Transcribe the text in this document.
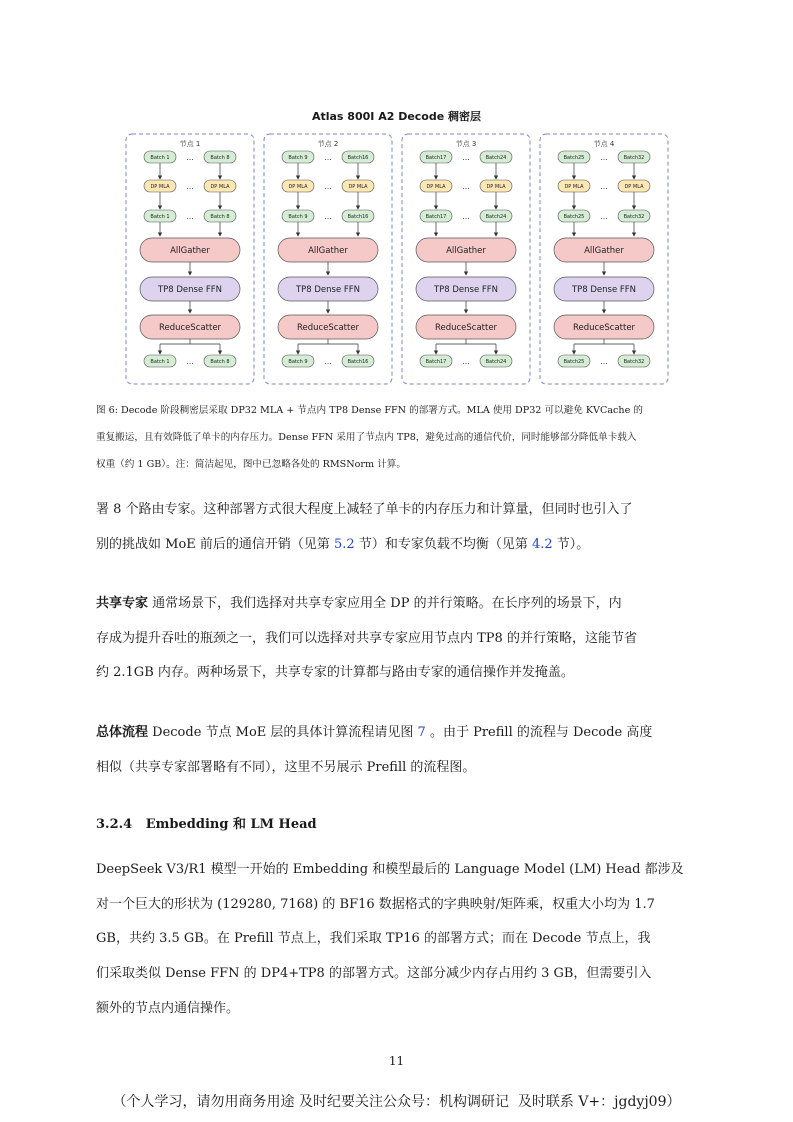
Atlas 800I A2 Decode 稠密层
节点 1
Batch 1	Batch 8
...
DP MLA	DP MLA
...
Batch 1	Batch 8
...
AllGather
TP8 Dense FFN
ReduceScatter
Batch 1	Batch 8
...
节点 2
Batch 9	Batch16
...
DP MLA	DP MLA
...
Batch 9	Batch16
...
AllGather
TP8 Dense FFN
ReduceScatter
Batch 9	Batch16
...
节点 3
Batch17	Batch24
...
DP MLA	DP MLA
...
Batch17	Batch24
...
AllGather
TP8 Dense FFN
ReduceScatter
Batch17	Batch24
...
节点 4
Batch25	Batch32
...
DP MLA	DP MLA
...
Batch25	Batch32
...
AllGather
TP8 Dense FFN
ReduceScatter
Batch25	Batch32
...
图 6: Decode 阶段稠密层采取 DP32 MLA + 节点内 TP8 Dense FFN 的部署方式。MLA 使用 DP32 可以避免 KVCache 的
重复搬运，且有效降低了单卡的内存压力。Dense FFN 采用了节点内 TP8，避免过高的通信代价，同时能够部分降低单卡载入
权重（约 1 GB）。注：简洁起见，图中已忽略各处的 RMSNorm 计算。
署 8 个路由专家。这种部署方式很大程度上减轻了单卡的内存压力和计算量，但同时也引入了
别的挑战如 MoE 前后的通信开销（见第 5.2 节）和专家负载不均衡（见第 4.2 节）。
共享专家 通常场景下，我们选择对共享专家应用全 DP 的并行策略。在长序列的场景下，内
存成为提升吞吐的瓶颈之一，我们可以选择对共享专家应用节点内 TP8 的并行策略，这能节省
约 2.1GB 内存。两种场景下，共享专家的计算都与路由专家的通信操作并发掩盖。
总体流程 Decode 节点 MoE 层的具体计算流程请见图 7 。由于 Prefill 的流程与 Decode 高度
相似（共享专家部署略有不同），这里不另展示 Prefill 的流程图。
3.2.4   Embedding 和 LM Head
DeepSeek V3/R1 模型一开始的 Embedding 和模型最后的 Language Model (LM) Head 都涉及
对一个巨大的形状为 (129280, 7168) 的 BF16 数据格式的字典映射/矩阵乘，权重大小均为 1.7
GB，共约 3.5 GB。在 Prefill 节点上，我们采取 TP16 的部署方式；而在 Decode 节点上，我
们采取类似 Dense FFN 的 DP4+TP8 的部署方式。这部分减少内存占用约 3 GB，但需要引入
额外的节点内通信操作。
11
（个人学习，请勿用商务用途 及时纪要关注公众号：机构调研记  及时联系 V+：jgdyj09）
